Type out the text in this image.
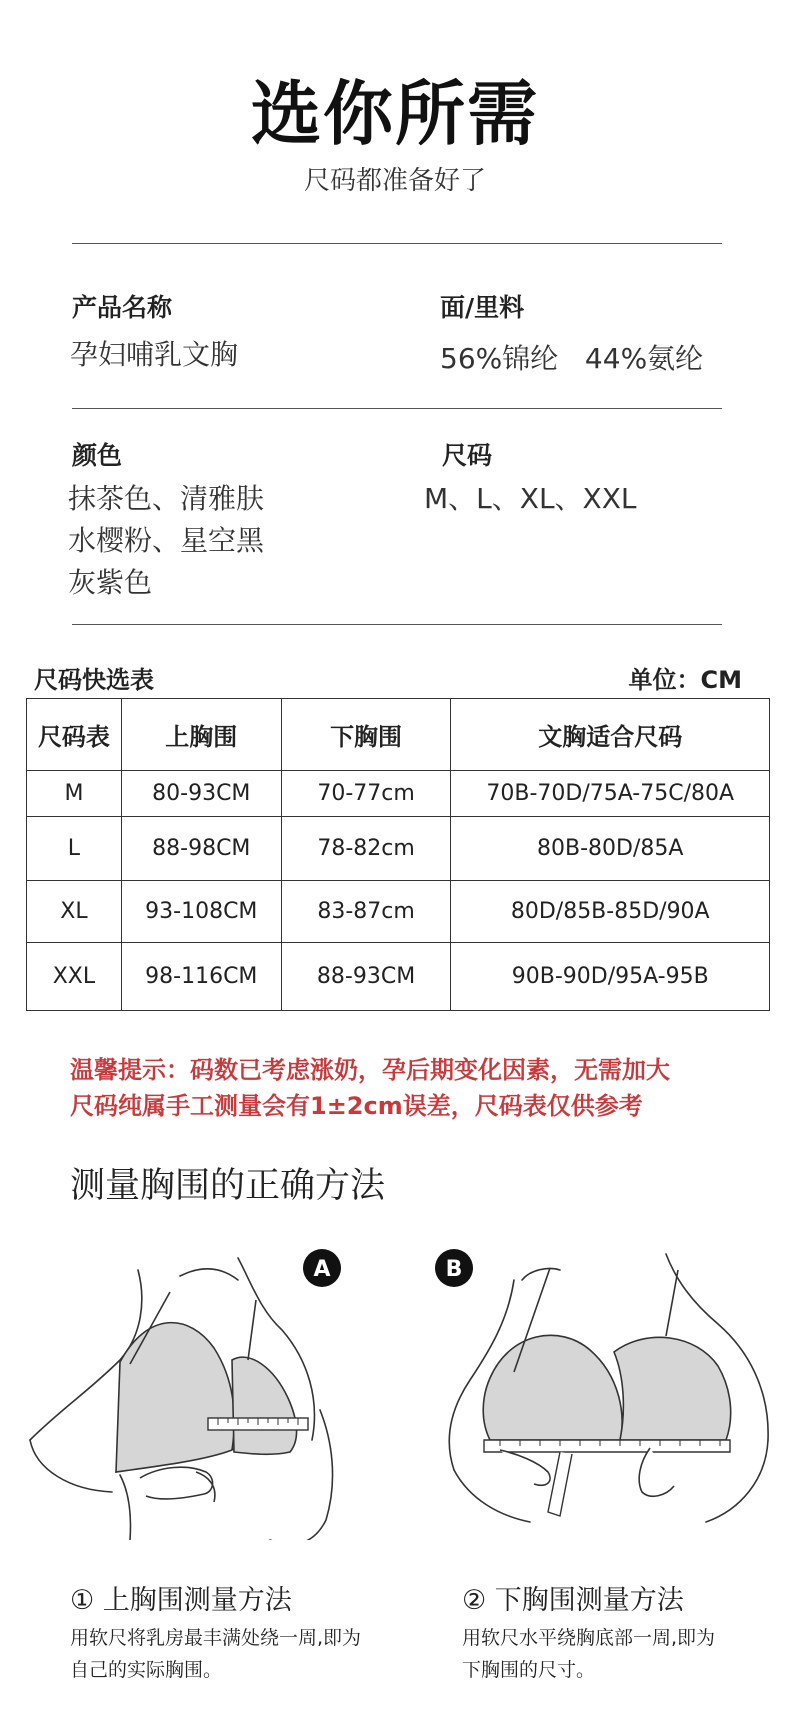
选你所需
尺码都准备好了
产品名称
孕妇哺乳文胸
面/里料
56%锦纶   44%氨纶
颜色
抹茶色、清雅肤
水樱粉、星空黑
灰紫色
尺码
M、L、XL、XXL
尺码快选表	单位：CM
尺码表	上胸围	下胸围	文胸适合尺码
M	80-93CM	70-77cm	70B-70D/75A-75C/80A
L	88-98CM	78-82cm	80B-80D/85A
XL	93-108CM	83-87cm	80D/85B-85D/90A
XXL	98-116CM	88-93CM	90B-90D/95A-95B
温馨提示：码数已考虑涨奶，孕后期变化因素，无需加大
尺码纯属手工测量会有1±2cm误差，尺码表仅供参考
测量胸围的正确方法
A	B
① 上胸围测量方法
用软尺将乳房最丰满处绕一周,即为
自己的实际胸围。
② 下胸围测量方法
用软尺水平绕胸底部一周,即为
下胸围的尺寸。
